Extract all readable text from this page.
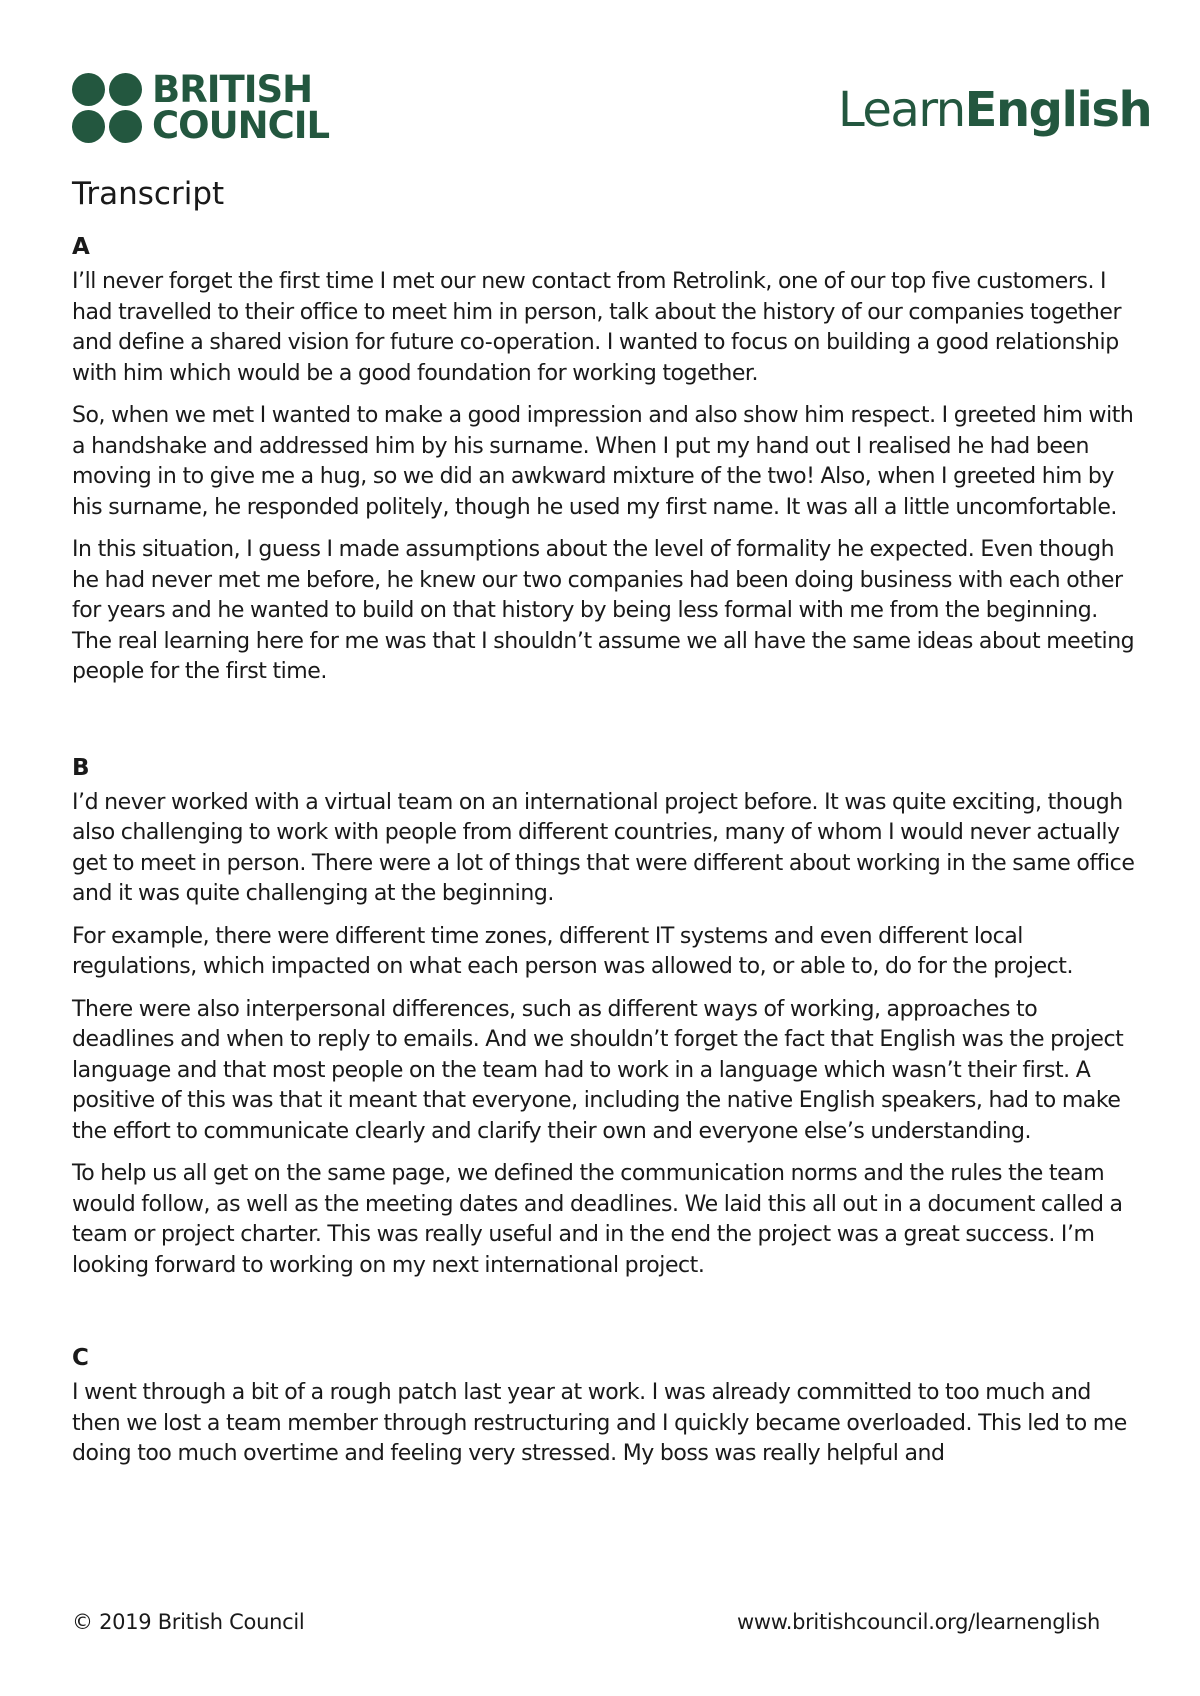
BRITISH
COUNCIL	LearnEnglish
Transcript
A

I’ll never forget the first time I met our new contact from Retrolink, one of our top five customers. I had travelled to their office to meet him in person, talk about the history of our companies together and define a shared vision for future co-operation. I wanted to focus on building a good relationship with him which would be a good foundation for working together.

So, when we met I wanted to make a good impression and also show him respect. I greeted him with a handshake and addressed him by his surname. When I put my hand out I realised he had been moving in to give me a hug, so we did an awkward mixture of the two! Also, when I greeted him by his surname, he responded politely, though he used my first name. It was all a little uncomfortable.

In this situation, I guess I made assumptions about the level of formality he expected. Even though he had never met me before, he knew our two companies had been doing business with each other for years and he wanted to build on that history by being less formal with me from the beginning. The real learning here for me was that I shouldn’t assume we all have the same ideas about meeting people for the first time.

B

I’d never worked with a virtual team on an international project before. It was quite exciting, though also challenging to work with people from different countries, many of whom I would never actually get to meet in person. There were a lot of things that were different about working in the same office and it was quite challenging at the beginning.

For example, there were different time zones, different IT systems and even different local regulations, which impacted on what each person was allowed to, or able to, do for the project.

There were also interpersonal differences, such as different ways of working, approaches to deadlines and when to reply to emails. And we shouldn’t forget the fact that English was the project language and that most people on the team had to work in a language which wasn’t their first. A positive of this was that it meant that everyone, including the native English speakers, had to make the effort to communicate clearly and clarify their own and everyone else’s understanding.

To help us all get on the same page, we defined the communication norms and the rules the team would follow, as well as the meeting dates and deadlines. We laid this all out in a document called a team or project charter. This was really useful and in the end the project was a great success. I’m looking forward to working on my next international project.

C

I went through a bit of a rough patch last year at work. I was already committed to too much and then we lost a team member through restructuring and I quickly became overloaded. This led to me doing too much overtime and feeling very stressed. My boss was really helpful and

© 2019 British Council	www.britishcouncil.org/learnenglish
